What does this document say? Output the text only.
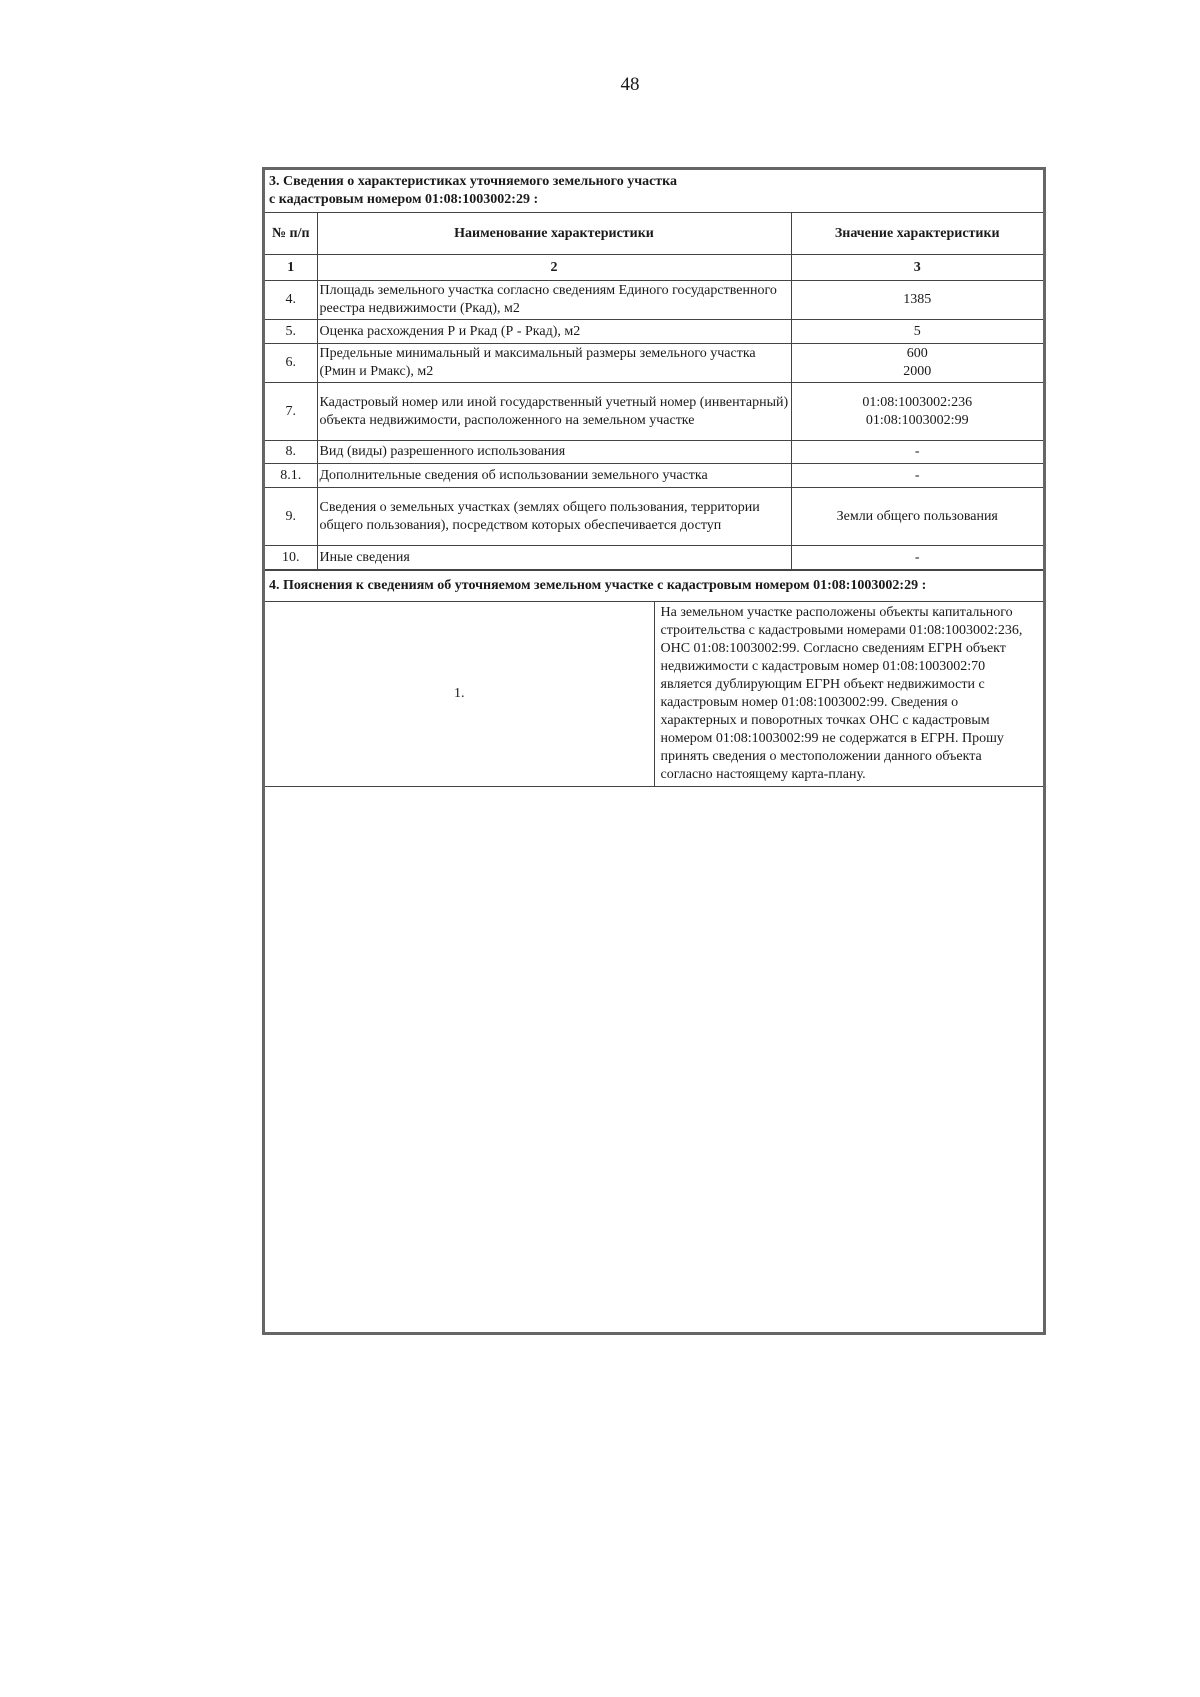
48
3. Сведения о характеристиках уточняемого земельного участка
с кадастровым номером 01:08:1003002:29 :		

№ п/п	Наименование характеристики	Значение характеристики
1	2	3
4.	Площадь земельного участка согласно сведениям Единого государственного реестра недвижимости (Ркад), м2	1385
5.	Оценка расхождения Р и Ркад (Р - Ркад), м2	5
6.	Предельные минимальный и максимальный размеры земельного участка (Рмин и Рмакс), м2	600
2000
7.	Кадастровый номер или иной государственный учетный номер (инвентарный) объекта недвижимости, расположенного на земельном участке	01:08:1003002:236
01:08:1003002:99
8.	Вид (виды) разрешенного использования	-
8.1.	Дополнительные сведения об использовании земельного участка	-
9.	Сведения о земельных участках (землях общего пользования, территории общего пользования), посредством которых обеспечивается доступ	Земли общего пользования
10.	Иные сведения	-
4. Пояснения к сведениям об уточняемом земельном участке с кадастровым номером 01:08:1003002:29 :
1.	На земельном участке расположены объекты капитального строительства с кадастровыми номерами 01:08:1003002:236, ОНС 01:08:1003002:99. Согласно сведениям ЕГРН объект недвижимости с кадастровым номер 01:08:1003002:70 является дублирующим ЕГРН объект недвижимости с кадастровым номер 01:08:1003002:99. Сведения о характерных и поворотных точках ОНС с кадастровым номером 01:08:1003002:99 не содержатся в ЕГРН. Прошу принять сведения о местоположении данного объекта согласно настоящему карта-плану.
